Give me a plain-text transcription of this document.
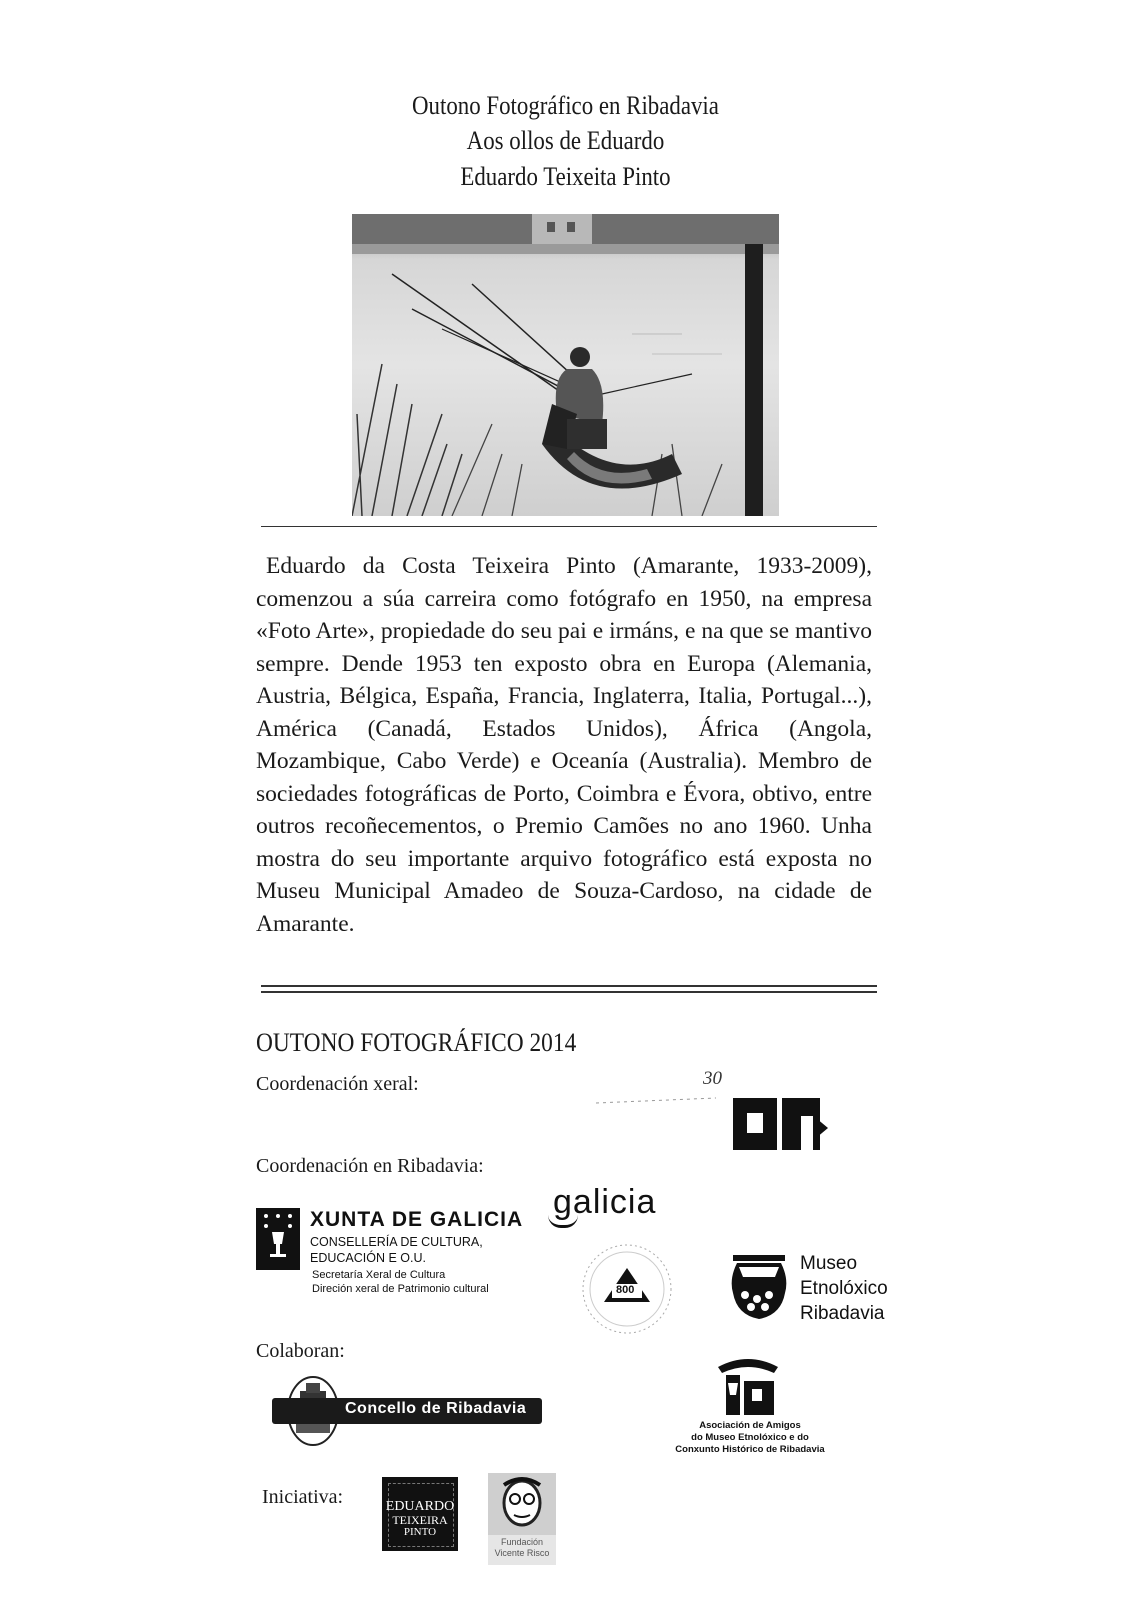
Outono Fotográfico en Ribadavia
Aos ollos de Eduardo
Eduardo Teixeita Pinto
Eduardo da Costa Teixeira Pinto (Amarante, 1933-2009), comenzou a súa carreira como fotógrafo en 1950, na empresa «Foto Arte», propiedade do seu pai e irmáns, e na que se mantivo sempre. Dende 1953 ten exposto obra en Europa (Alemania, Austria, Bélgica, España, Francia, Inglaterra, Italia, Portugal...), América (Canadá, Estados Unidos), África (Angola, Mozambique, Cabo Verde) e Oceanía (Australia). Membro de sociedades fotográficas de Porto, Coimbra e Évora, obtivo, entre outros recoñecementos, o Premio Camões no ano 1960. Unha mostra do seu importante arquivo fotográfico está exposta no Museu Municipal Amadeo de Souza-Cardoso, na cidade de Amarante.
OUTONO FOTOGRÁFICO 2014
Coordenación xeral:	30
Coordenación en Ribadavia:
galicia
XUNTA DE GALICIA
CONSELLERÍA DE CULTURA,
EDUCACIÓN E O.U.
Secretaría Xeral de Cultura
Direción xeral de Patrimonio cultural	800
Museo
Etnolóxico
Ribadavia
Colaboran:
Concello de Ribadavia
Asociación de Amigos
do Museo Etnolóxico e do
Conxunto Histórico de Ribadavia
Iniciativa:	EDUARDO
TEIXEIRA
PINTO
Fundación
Vicente Risco
